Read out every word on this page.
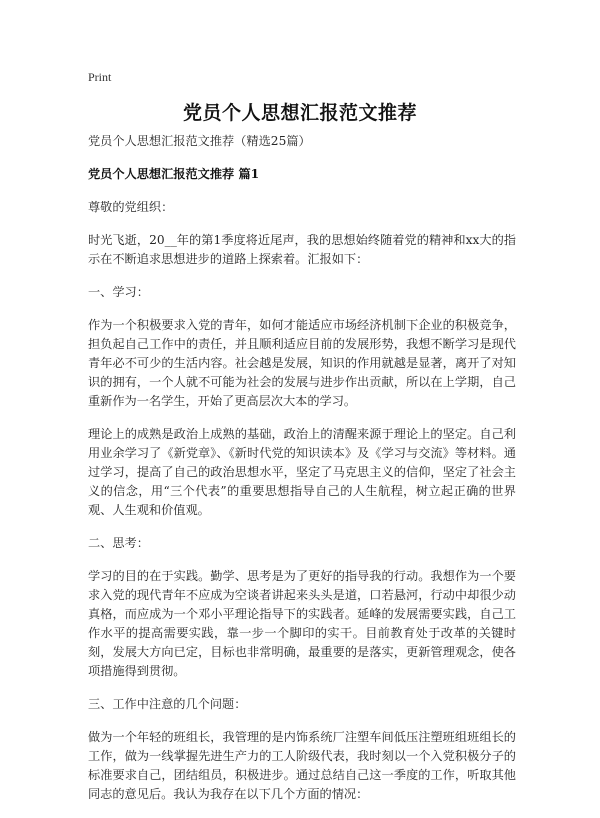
Print
党员个人思想汇报范文推荐

党员个人思想汇报范文推荐（精选25篇）

党员个人思想汇报范文推荐 篇1

尊敬的党组织：

时光飞逝，20__年的第1季度将近尾声，我的思想始终随着党的精神和xx大的指示在不断追求思想进步的道路上探索着。汇报如下：

一、学习：

作为一个积极要求入党的青年，如何才能适应市场经济机制下企业的积极竞争，担负起自己工作中的责任，并且顺利适应目前的发展形势，我想不断学习是现代青年必不可少的生活内容。社会越是发展，知识的作用就越是显著，离开了对知识的拥有，一个人就不可能为社会的发展与进步作出贡献，所以在上学期，自己重新作为一名学生，开始了更高层次大本的学习。

理论上的成熟是政治上成熟的基础，政治上的清醒来源于理论上的坚定。自己利用业余学习了《新党章》、《新时代党的知识读本》及《学习与交流》等材料。通过学习，提高了自己的政治思想水平，坚定了马克思主义的信仰，坚定了社会主义的信念，用“三个代表”的重要思想指导自己的人生航程，树立起正确的世界观、人生观和价值观。

二、思考：

学习的目的在于实践。勤学、思考是为了更好的指导我的行动。我想作为一个要求入党的现代青年不应成为空谈者讲起来头头是道，口若悬河，行动中却很少动真格，而应成为一个邓小平理论指导下的实践者。延峰的发展需要实践，自己工作水平的提高需要实践，靠一步一个脚印的实干。目前教育处于改革的关键时刻，发展大方向已定，目标也非常明确，最重要的是落实，更新管理观念，使各项措施得到贯彻。

三、工作中注意的几个问题：

做为一个年轻的班组长，我管理的是内饰系统厂注塑车间低压注塑班组班组长的工作，做为一线掌握先进生产力的工人阶级代表，我时刻以一个入党积极分子的标准要求自己，团结组员，积极进步。通过总结自己这一季度的工作，听取其他同志的意见后。我认为我存在以下几个方面的情况：
